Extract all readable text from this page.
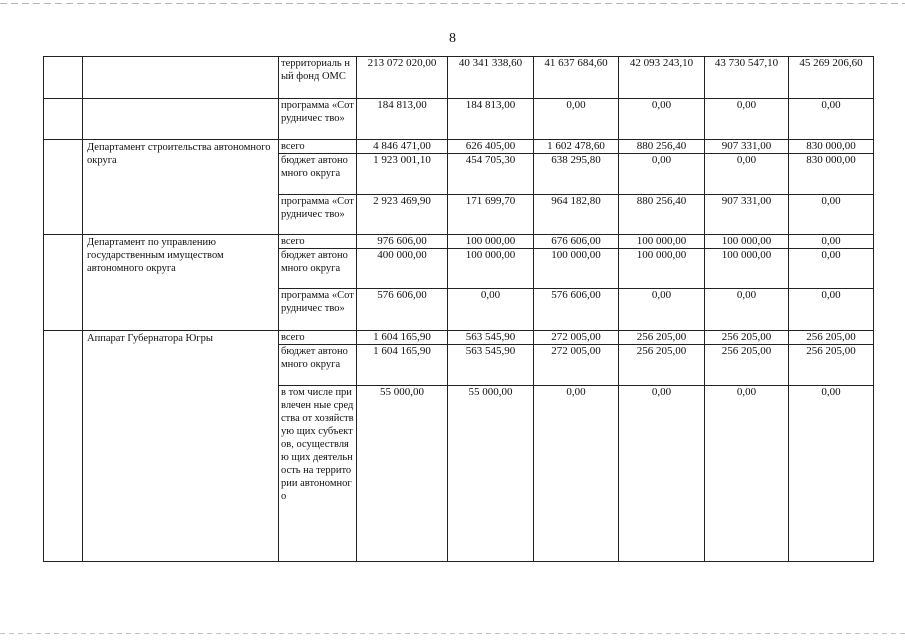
8
		территориаль ный фонд ОМС	213 072 020,00	40 341 338,60	41 637 684,60	42 093 243,10	43 730 547,10	45 269 206,60
		программа «Сотрудничес тво»	184 813,00	184 813,00	0,00	0,00	0,00	0,00
	Департамент строительства автономного округа	всего	4 846 471,00	626 405,00	1 602 478,60	880 256,40	907 331,00	830 000,00
		бюджет автономного округа	1 923 001,10	454 705,30	638 295,80	0,00	0,00	830 000,00
		программа «Сотрудничес тво»	2 923 469,90	171 699,70	964 182,80	880 256,40	907 331,00	0,00
	Департамент по управлению государственным имуществом автономного округа	всего	976 606,00	100 000,00	676 606,00	100 000,00	100 000,00	0,00
		бюджет автономного округа	400 000,00	100 000,00	100 000,00	100 000,00	100 000,00	0,00
		программа «Сотрудничес тво»	576 606,00	0,00	576 606,00	0,00	0,00	0,00
	Аппарат Губернатора Югры	всего	1 604 165,90	563 545,90	272 005,00	256 205,00	256 205,00	256 205,00
		бюджет автономного округа	1 604 165,90	563 545,90	272 005,00	256 205,00	256 205,00	256 205,00
		в том числе привлечен ные средства от хозяйствую щих субъектов, осуществляю щих деятельность на территории автономного	55 000,00	55 000,00	0,00	0,00	0,00	0,00
